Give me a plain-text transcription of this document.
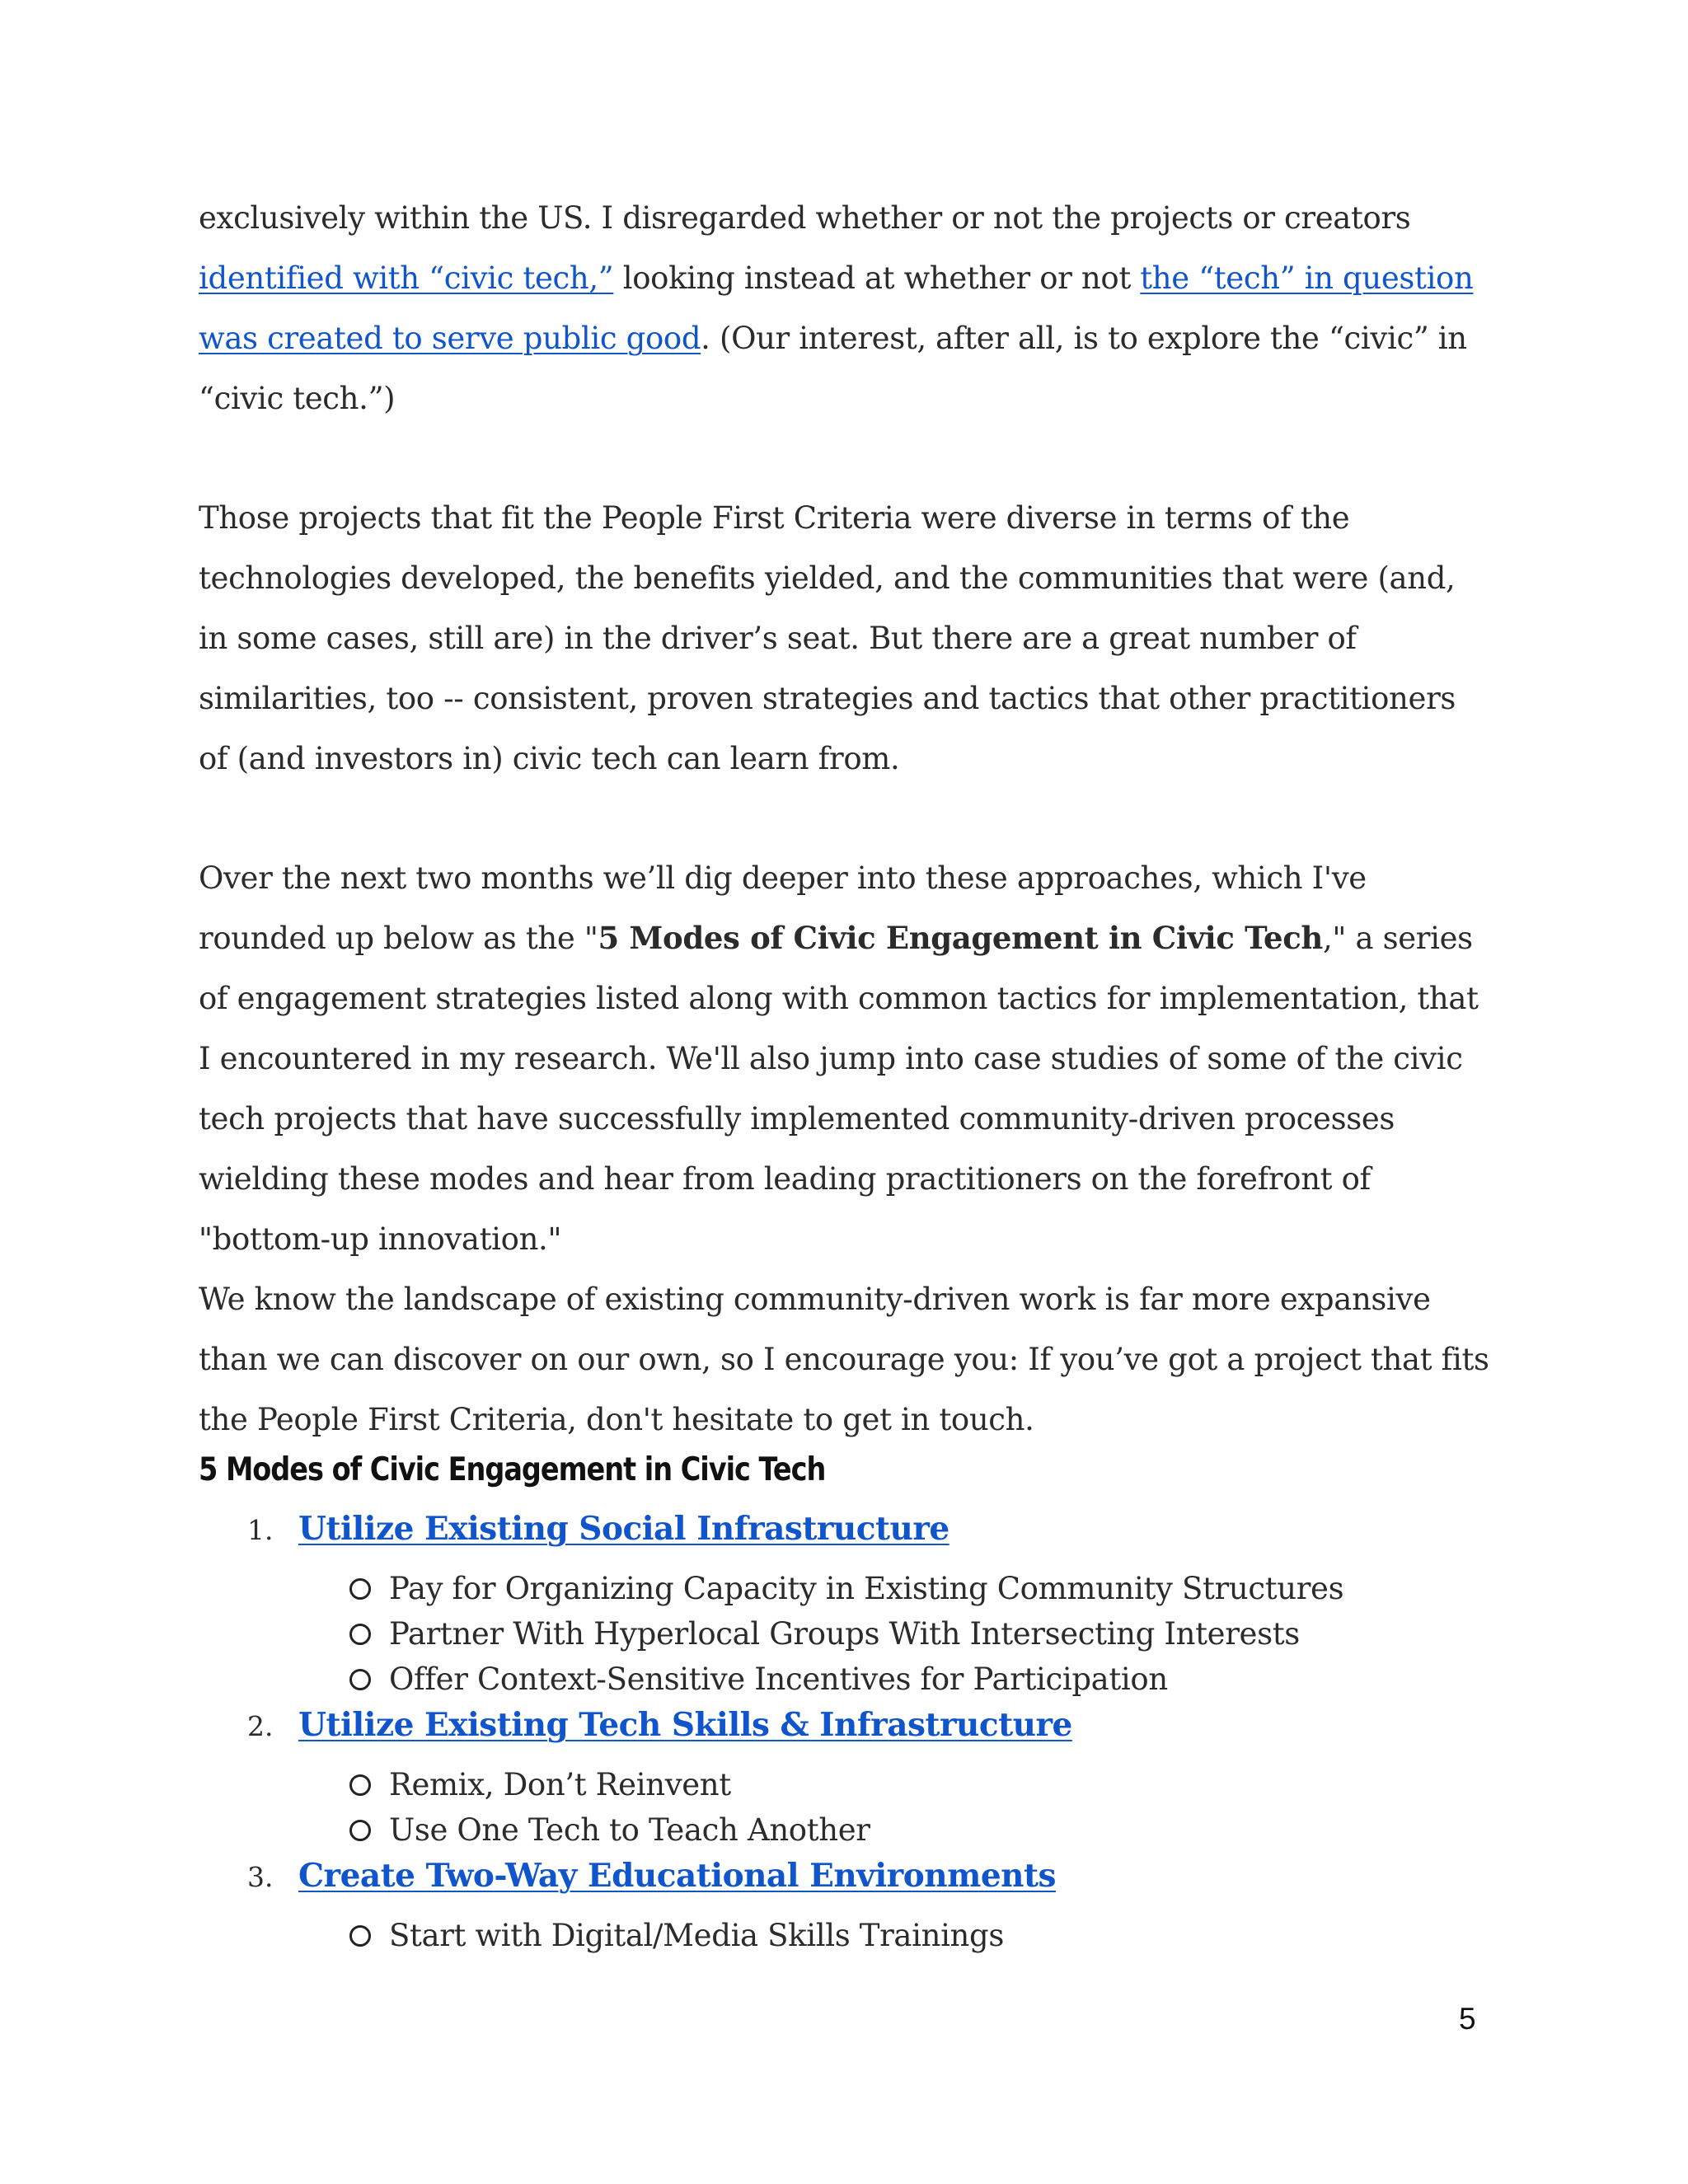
exclusively within the US. I disregarded whether or not the projects or creators identified with “civic tech,” looking instead at whether or not the “tech” in question was created to serve public good. (Our interest, after all, is to explore the “civic” in “civic tech.”)

Those projects that fit the People First Criteria were diverse in terms of the technologies developed, the benefits yielded, and the communities that were (and, in some cases, still are) in the driver’s seat. But there are a great number of similarities, too -- consistent, proven strategies and tactics that other practitioners of (and investors in) civic tech can learn from.

Over the next two months we’ll dig deeper into these approaches, which I've rounded up below as the "5 Modes of Civic Engagement in Civic Tech," a series of engagement strategies listed along with common tactics for implementation, that I encountered in my research. We'll also jump into case studies of some of the civic tech projects that have successfully implemented community-driven processes wielding these modes and hear from leading practitioners on the forefront of "bottom-up innovation."

We know the landscape of existing community-driven work is far more expansive than we can discover on our own, so I encourage you: If you’ve got a project that fits the People First Criteria, don't hesitate to get in touch.

5 Modes of Civic Engagement in Civic Tech
1. Utilize Existing Social Infrastructure
Pay for Organizing Capacity in Existing Community Structures
Partner With Hyperlocal Groups With Intersecting Interests
Offer Context-Sensitive Incentives for Participation
2. Utilize Existing Tech Skills & Infrastructure
Remix, Don’t Reinvent
Use One Tech to Teach Another
3. Create Two-Way Educational Environments
Start with Digital/Media Skills Trainings
5
